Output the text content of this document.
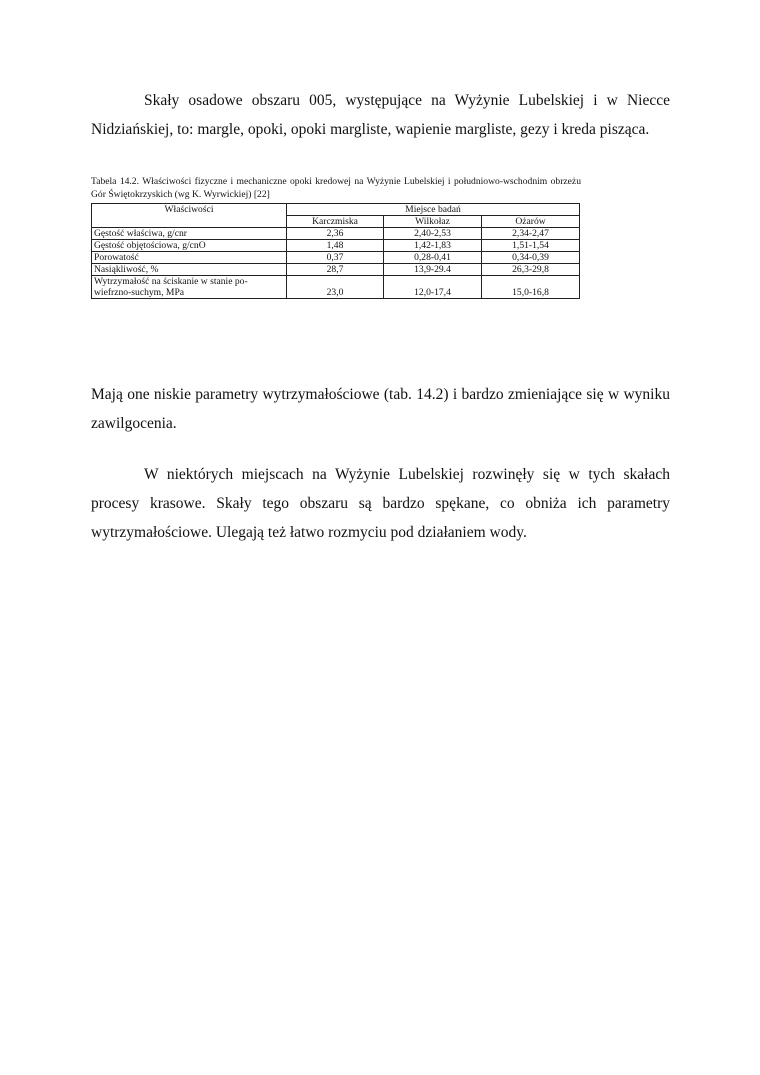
Skały osadowe obszaru 005, występujące na Wyżynie Lubelskiej i w Niecce Nidziańskiej, to: margle, opoki, opoki margliste, wapienie margliste, gezy i kreda pisząca.

Tabela 14.2. Właściwości fizyczne i mechaniczne opoki kredowej na Wyżynie Lubelskiej i południowo-wschodnim obrzeżu Gór Świętokrzyskich (wg K. Wyrwickiej) [22]

Właściwości	Miejsce badań		
	Karczmiska	Wilkołaz	Ożarów
Gęstość właściwa, g/cnr	2,36	2,40-2,53	2,34-2,47
Gęstość objętościowa, g/cnO	1,48	1,42-1,83	1,51-1,54
Porowatość	0,37	0,28-0,41	0,34-0,39
Nasiąkliwość, %	28,7	13,9-29.4	26,3-29,8
Wytrzymałość na ściskanie w stanie po-
wiefrzno-suchym, MPa	23,0	12,0-17,4	15,0-16,8

Mają one niskie parametry wytrzymałościowe (tab. 14.2) i bardzo zmieniające się w wyniku zawilgocenia.

W niektórych miejscach na Wyżynie Lubelskiej rozwinęły się w tych skałach procesy krasowe. Skały tego obszaru są bardzo spękane, co obniża ich parametry wytrzymałościowe. Ulegają też łatwo rozmyciu pod działaniem wody.
